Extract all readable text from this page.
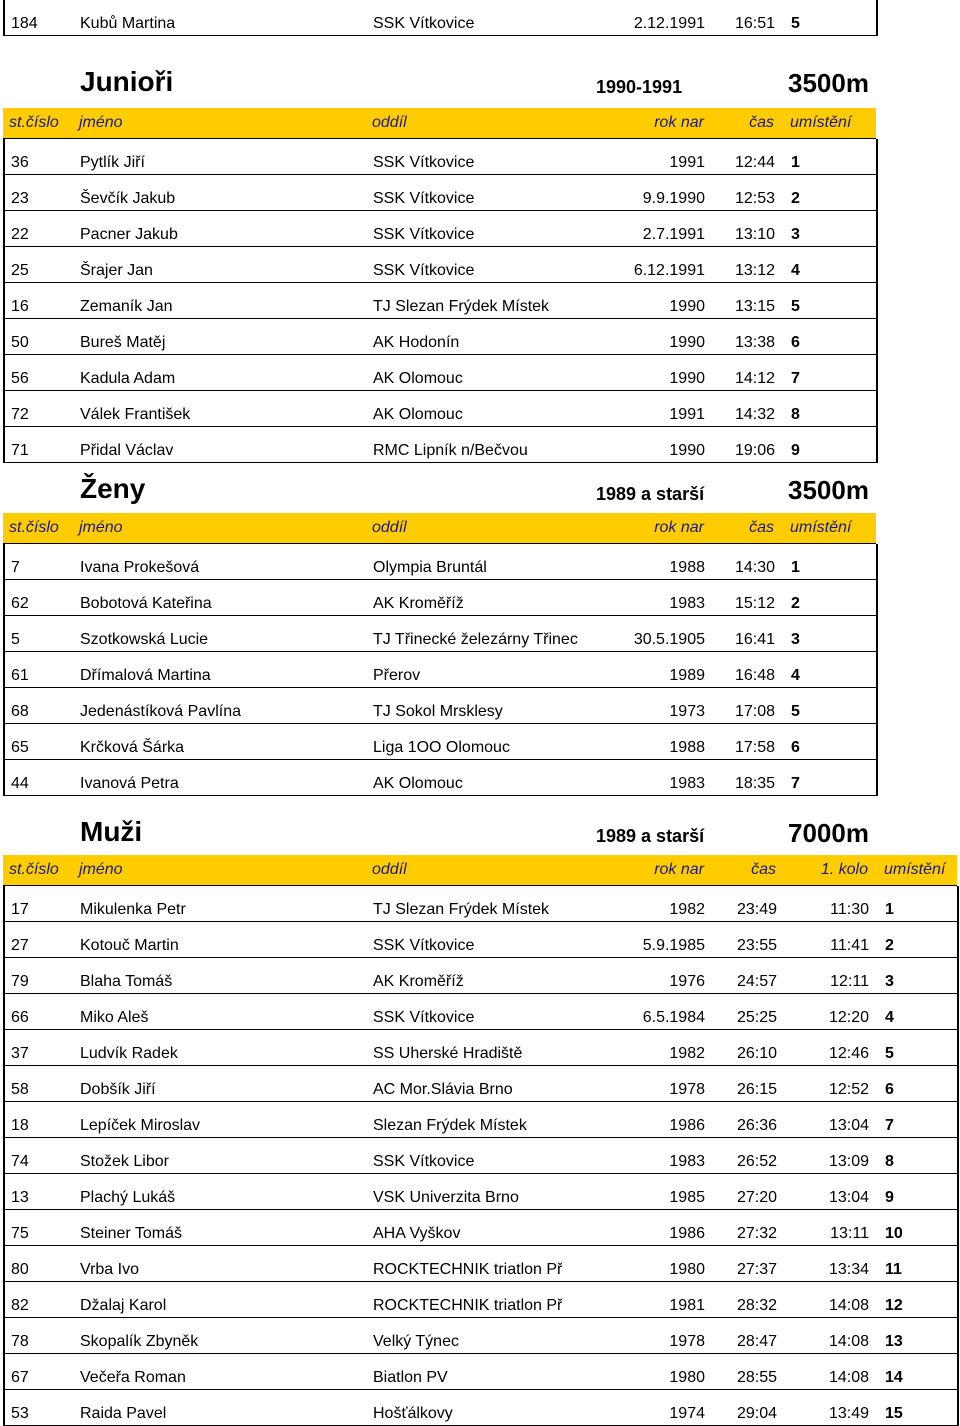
184	Kubů Martina	SSK Vítkovice	2.12.1991	16:51	5
Junioři	1990-1991	3500m
st.číslo	jméno	oddíl	rok nar	čas	umístění
36	Pytlík Jiří	SSK Vítkovice	1991	12:44	1
23	Ševčík Jakub	SSK Vítkovice	9.9.1990	12:53	2
22	Pacner Jakub	SSK Vítkovice	2.7.1991	13:10	3
25	Šrajer Jan	SSK Vítkovice	6.12.1991	13:12	4
16	Zemaník Jan	TJ Slezan Frýdek Místek	1990	13:15	5
50	Bureš Matěj	AK Hodonín	1990	13:38	6
56	Kadula Adam	AK Olomouc	1990	14:12	7
72	Válek František	AK Olomouc	1991	14:32	8
71	Přidal Václav	RMC Lipník n/Bečvou	1990	19:06	9
Ženy	1989 a starší	3500m
st.číslo	jméno	oddíl	rok nar	čas	umístění
7	Ivana Prokešová	Olympia Bruntál	1988	14:30	1
62	Bobotová Kateřina	AK Kroměříž	1983	15:12	2
5	Szotkowská Lucie	TJ Třinecké železárny Třinec	30.5.1905	16:41	3
61	Dřímalová Martina	Přerov	1989	16:48	4
68	Jedenástíková Pavlína	TJ Sokol Mrsklesy	1973	17:08	5
65	Krčková Šárka	Liga 1OO Olomouc	1988	17:58	6
44	Ivanová Petra	AK Olomouc	1983	18:35	7
Muži	1989 a starší	7000m
st.číslo	jméno	oddíl	rok nar	čas	1. kolo	umístění
17	Mikulenka Petr	TJ Slezan Frýdek Místek	1982	23:49	11:30	1
27	Kotouč Martin	SSK Vítkovice	5.9.1985	23:55	11:41	2
79	Blaha Tomáš	AK Kroměříž	1976	24:57	12:11	3
66	Miko Aleš	SSK Vítkovice	6.5.1984	25:25	12:20	4
37	Ludvík Radek	SS Uherské Hradiště	1982	26:10	12:46	5
58	Dobšík Jiří	AC Mor.Slávia Brno	1978	26:15	12:52	6
18	Lepíček Miroslav	Slezan Frýdek Místek	1986	26:36	13:04	7
74	Stožek Libor	SSK Vítkovice	1983	26:52	13:09	8
13	Plachý Lukáš	VSK Univerzita Brno	1985	27:20	13:04	9
75	Steiner Tomáš	AHA Vyškov	1986	27:32	13:11	10
80	Vrba Ivo	ROCKTECHNIK triatlon Př	1980	27:37	13:34	11
82	Džalaj Karol	ROCKTECHNIK triatlon Př	1981	28:32	14:08	12
78	Skopalík Zbyněk	Velký Týnec	1978	28:47	14:08	13
67	Večeřa Roman	Biatlon PV	1980	28:55	14:08	14
53	Raida Pavel	Hošťálkovy	1974	29:04	13:49	15
